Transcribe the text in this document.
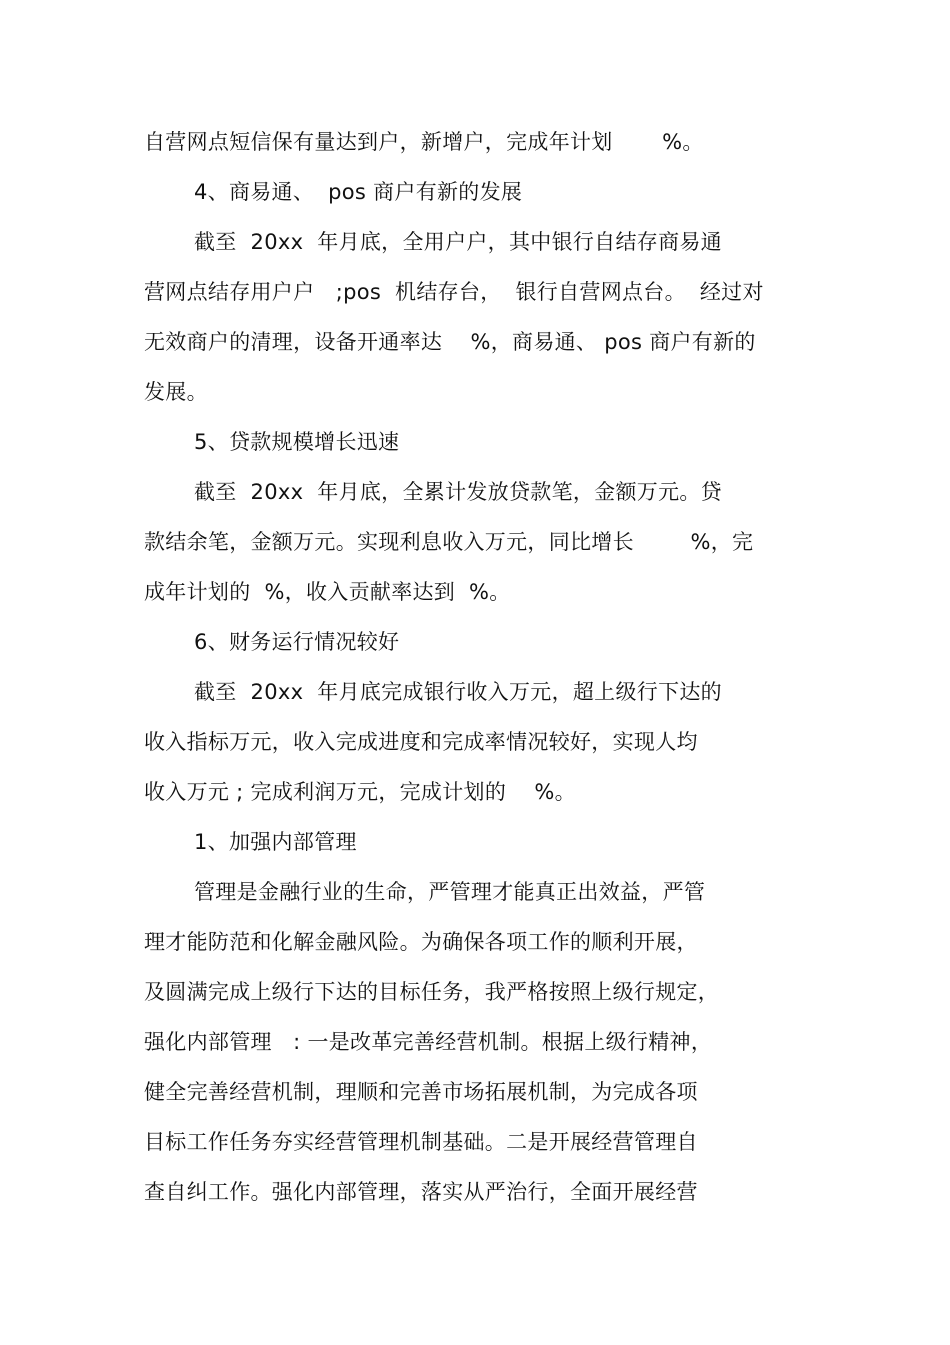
自营网点短信保有量达到户，新增户，完成年计划　　 %。
4、商易通、  pos 商户有新的发展
截至  20xx  年月底，全用户户，其中银行自结存商易通
营网点结存用户户　;pos  机结存台，  银行自营网点台。  经过对
无效商户的清理，设备开通率达　 %，商易通、 pos 商户有新的
发展。
5、贷款规模增长迅速
截至  20xx  年月底，全累计发放贷款笔，金额万元。贷
款结余笔，金额万元。实现利息收入万元，同比增长　　  %，完
成年计划的  %，收入贡献率达到  %。
6、财务运行情况较好
截至  20xx  年月底完成银行收入万元，超上级行下达的
收入指标万元，收入完成进度和完成率情况较好，实现人均
收入万元 ; 完成利润万元，完成计划的　 %。
1、加强内部管理
管理是金融行业的生命，严管理才能真正出效益，严管
理才能防范和化解金融风险。为确保各项工作的顺利开展，
及圆满完成上级行下达的目标任务，我严格按照上级行规定，
强化内部管理　: 一是改革完善经营机制。根据上级行精神，
健全完善经营机制，理顺和完善市场拓展机制，为完成各项
目标工作任务夯实经营管理机制基础。二是开展经营管理自
查自纠工作。强化内部管理，落实从严治行，全面开展经营
